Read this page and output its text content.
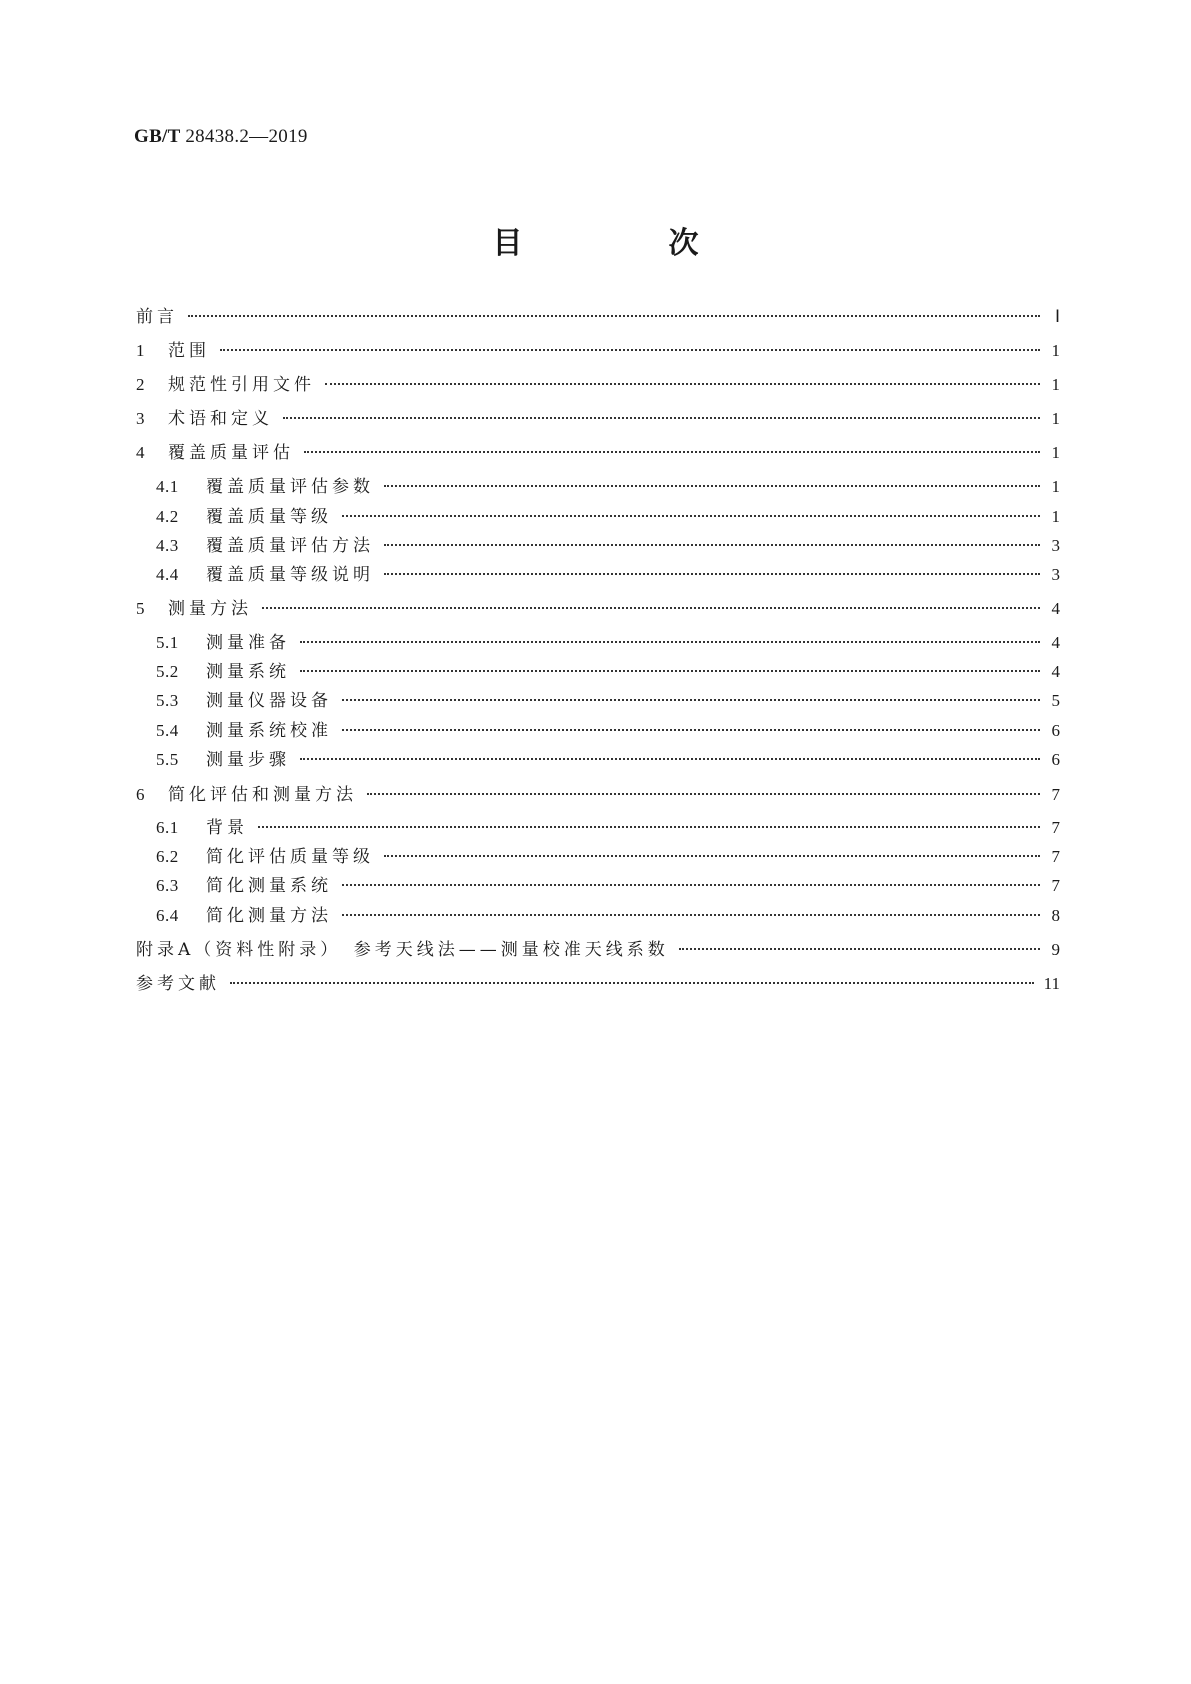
GB/T 28438.2—2019
目　次
前言	Ⅰ
1	范围	1
2	规范性引用文件	1
3	术语和定义	1
4	覆盖质量评估	1
4.1	覆盖质量评估参数	1
4.2	覆盖质量等级	1
4.3	覆盖质量评估方法	3
4.4	覆盖质量等级说明	3
5	测量方法	4
5.1	测量准备	4
5.2	测量系统	4
5.3	测量仪器设备	5
5.4	测量系统校准	6
5.5	测量步骤	6
6	简化评估和测量方法	7
6.1	背景	7
6.2	简化评估质量等级	7
6.3	简化测量系统	7
6.4	简化测量方法	8
附录A（资料性附录）　参考天线法——测量校准天线系数	9
参考文献	11
